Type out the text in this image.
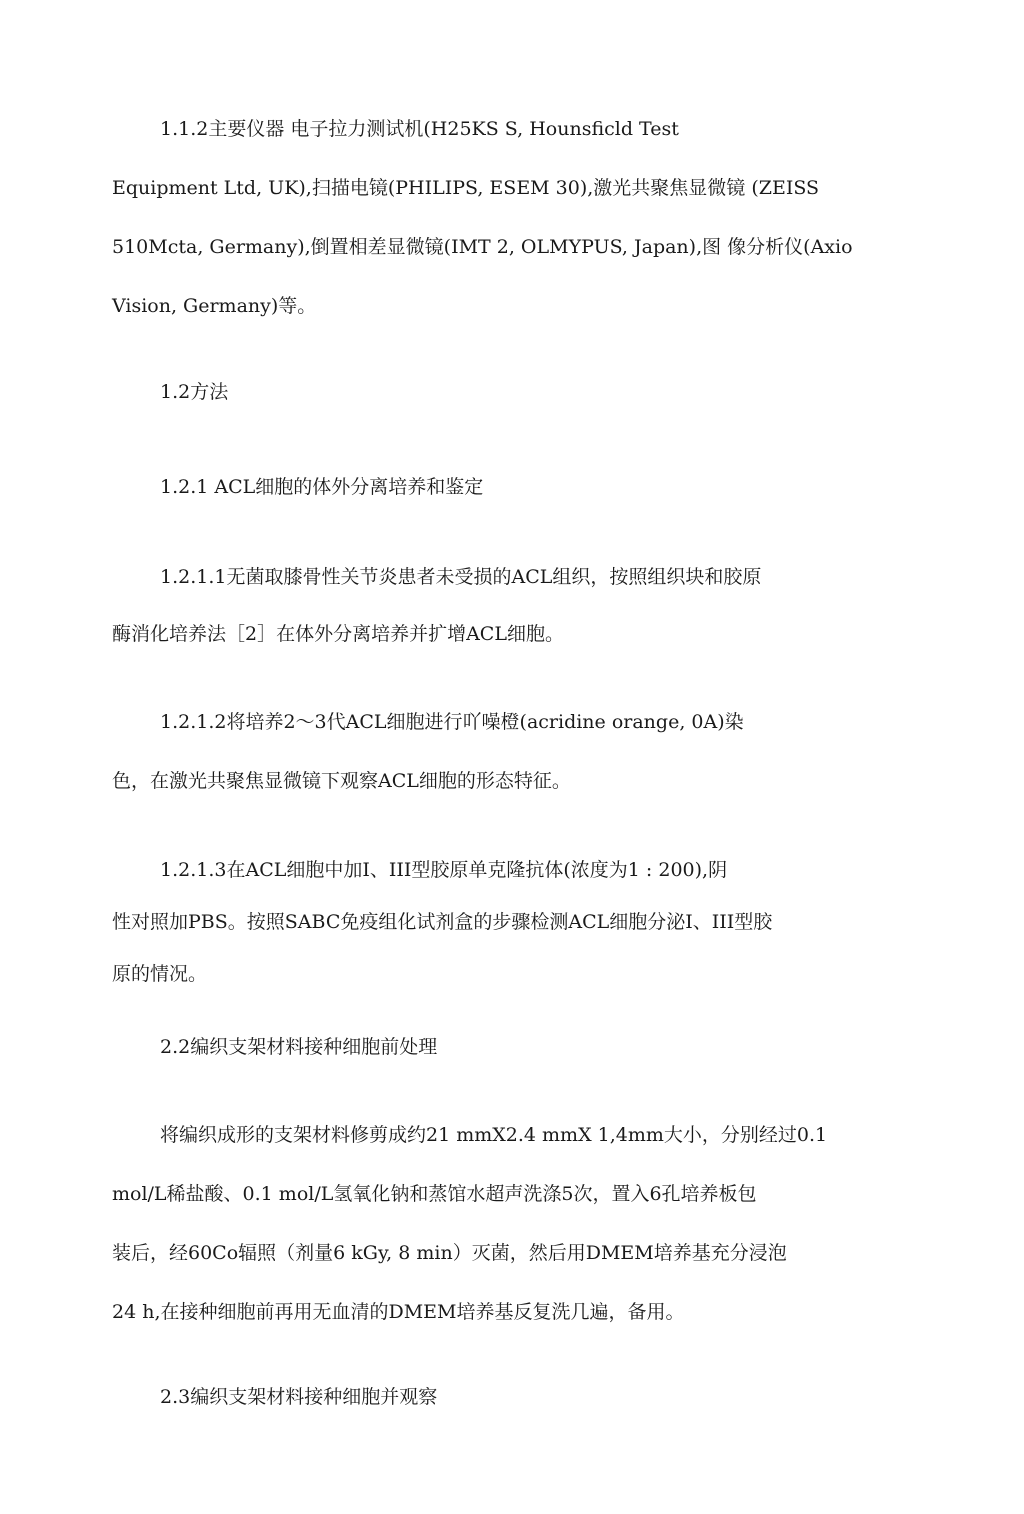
1.1.2主要仪器 电子拉力测试机(H25KS S, Hounsficld Test
Equipment Ltd, UK),扫描电镜(PHILIPS, ESEM 30),激光共聚焦显微镜 (ZEISS
510Mcta, Germany),倒置相差显微镜(IMT 2, OLMYPUS, Japan),图 像分析仪(Axio
Vision, Germany)等。
1.2方法
1.2.1 ACL细胞的体外分离培养和鉴定
1.2.1.1无菌取膝骨性关节炎患者未受损的ACL组织，按照组织块和胶原
酶消化培养法［2］在体外分离培养并扩增ACL细胞。
1.2.1.2将培养2～3代ACL细胞进行吖噪橙(acridine orange, 0A)染
色，在激光共聚焦显微镜下观察ACL细胞的形态特征。
1.2.1.3在ACL细胞中加I、III型胶原单克隆抗体(浓度为1 : 200),阴
性对照加PBS。按照SABC免疫组化试剂盒的步骤检测ACL细胞分泌I、III型胶
原的情况。
2.2编织支架材料接种细胞前处理
将编织成形的支架材料修剪成约21 mmX2.4 mmX 1,4mm大小，分别经过0.1
mol/L稀盐酸、0.1 mol/L氢氧化钠和蒸馆水超声洗涤5次，置入6孔培养板包
装后，经60Co辐照（剂量6 kGy, 8 min）灭菌，然后用DMEM培养基充分浸泡
24 h,在接种细胞前再用无血清的DMEM培养基反复洗几遍，备用。
2.3编织支架材料接种细胞并观察
